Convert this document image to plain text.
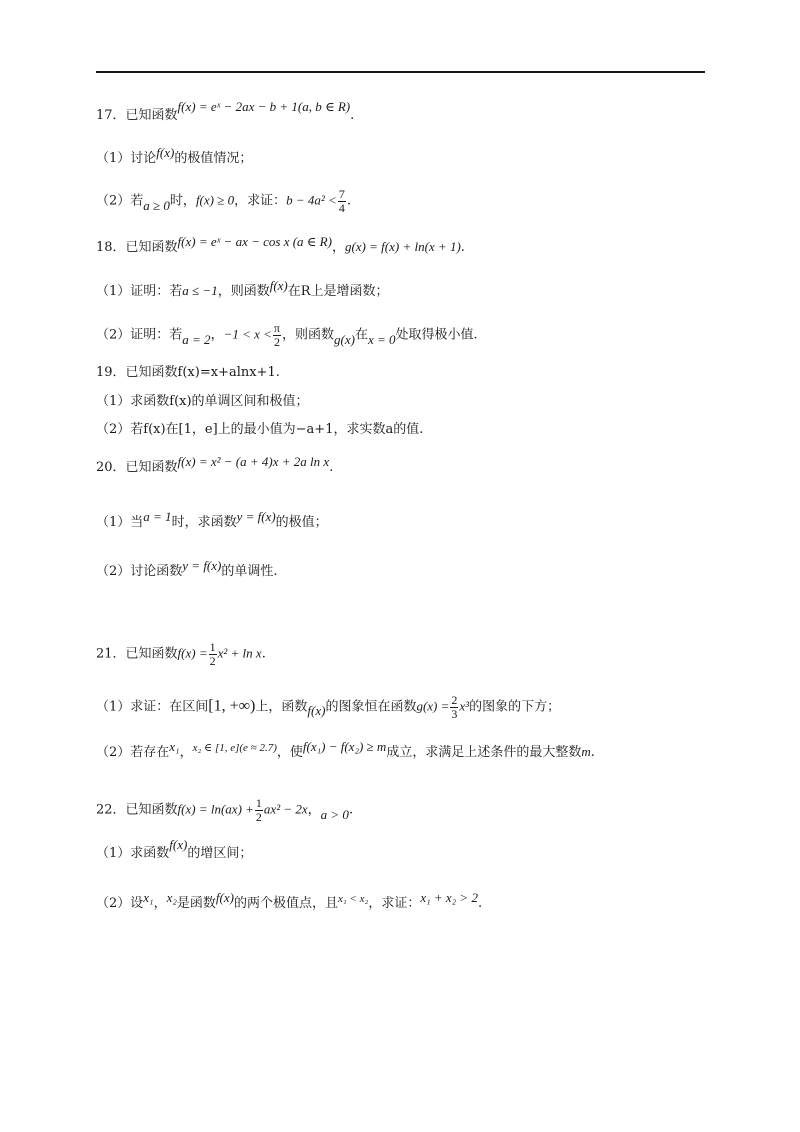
17．已知函数f(x) = eˣ − 2ax − b + 1(a, b ∈ R).
（1）讨论f(x)的极值情况；
（2）若a ≥ 0时，f(x) ≥ 0，求证：$b - 4a^2 < \frac{7}{4}$ .
18．已知函数f(x) = eˣ − ax − cos x (a ∈ R)，g(x) = f(x) + ln(x + 1).
（1）证明：若a ≤ −1，则函数f(x)在R上是增函数；
（2）证明：若a = 2，$-1 < x < \frac{\pi}{2}$ ，则函数g(x)在x = 0处取得极小值.
19．已知函数f(x)=x+alnx+1.
（1）求函数f(x)的单调区间和极值；
（2）若f(x)在[1，e]上的最小值为−a+1，求实数a的值.
20．已知函数f(x) = x² − (a + 4)x + 2a ln x.
（1）当a = 1时，求函数y = f(x)的极值；
（2）讨论函数y = f(x)的单调性.
21．已知函数$f(x) = \frac{1}{2} x^2 + \ln x$.
（1）求证：在区间[1, +∞)上，函数f(x)的图象恒在函数$g(x) = \frac{2}{3} x^3$的图象的下方；
（2）若存在x₁，$^{x_2 \in [1, e](e \approx 2.7)}$，使f(x₁) − f(x₂) ≥ m成立，求满足上述条件的最大整数m.
22．已知函数$f(x) = \ln(ax) + \frac{1}{2} ax^2 - 2x$，a > 0.
（1）求函数f(x)的增区间；
（2）设x₁，x₂是函数f(x)的两个极值点，且$^{x_1 < x_2}$，求证：x₁ + x₂ > 2.
